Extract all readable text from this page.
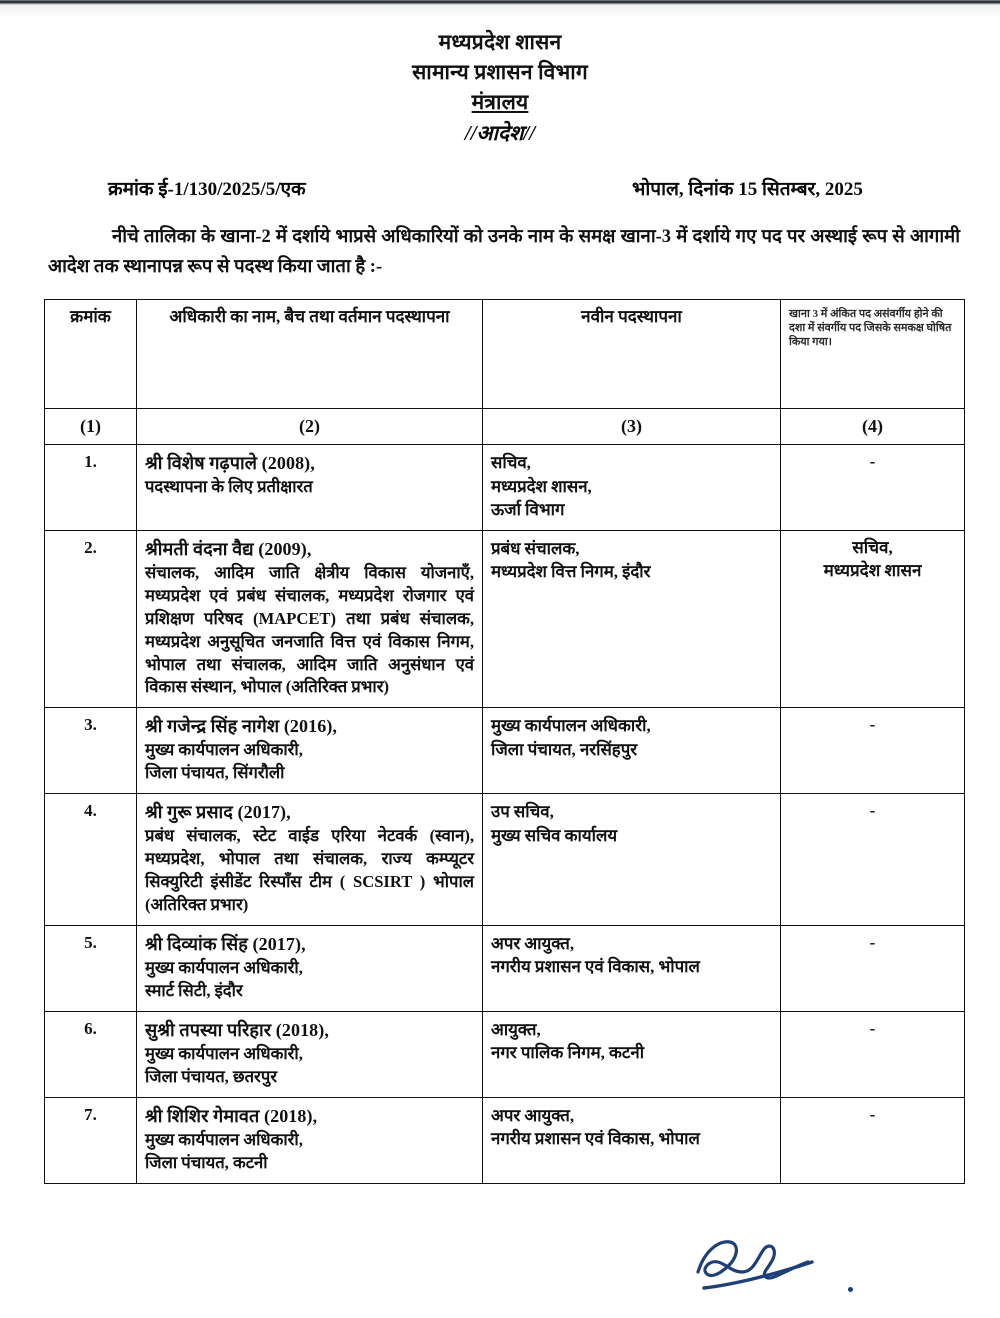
मध्यप्रदेश शासन
सामान्य प्रशासन विभाग
मंत्रालय
//आदेश//
क्रमांक ई-1/130/2025/5/एक	भोपाल, दिनांक 15 सितम्बर, 2025
नीचे तालिका के खाना-2 में दर्शाये भाप्रसे अधिकारियों को उनके नाम के समक्ष खाना-3 में दर्शाये गए पद पर अस्थाई रूप से आगामी आदेश तक स्थानापन्न रूप से पदस्थ किया जाता है :-
क्रमांक	अधिकारी का नाम, बैच तथा वर्तमान पदस्थापना	नवीन पदस्थापना	खाना 3 में अंकित पद असंवर्गीय होने की दशा में संवर्गीय पद जिसके समकक्ष घोषित किया गया।
(1)	(2)	(3)	(4)
1.	श्री विशेष गढ़पाले (2008),
पदस्थापना के लिए प्रतीक्षारत	सचिव,
मध्यप्रदेश शासन,
ऊर्जा विभाग	-
2.	श्रीमती वंदना वैद्य (2009),
संचालक, आदिम जाति क्षेत्रीय विकास योजनाएँ, मध्यप्रदेश एवं प्रबंध संचालक, मध्यप्रदेश रोजगार एवं प्रशिक्षण परिषद (MAPCET) तथा प्रबंध संचालक, मध्यप्रदेश अनुसूचित जनजाति वित्त एवं विकास निगम, भोपाल तथा संचालक, आदिम जाति अनुसंधान एवं विकास संस्थान, भोपाल (अतिरिक्त प्रभार)	प्रबंध संचालक,
मध्यप्रदेश वित्त निगम, इंदौर	सचिव,
मध्यप्रदेश शासन
3.	श्री गजेन्द्र सिंह नागेश (2016),
मुख्य कार्यपालन अधिकारी,
जिला पंचायत, सिंगरौली	मुख्य कार्यपालन अधिकारी,
जिला पंचायत, नरसिंहपुर	-
4.	श्री गुरू प्रसाद (2017),
प्रबंध संचालक, स्टेट वाईड एरिया नेटवर्क (स्वान), मध्यप्रदेश, भोपाल तथा संचालक, राज्य कम्प्यूटर सिक्युरिटी इंसीडेंट रिस्पाँस टीम ( SCSIRT ) भोपाल (अतिरिक्त प्रभार)	उप सचिव,
मुख्य सचिव कार्यालय	-
5.	श्री दिव्यांक सिंह (2017),
मुख्य कार्यपालन अधिकारी,
स्मार्ट सिटी, इंदौर	अपर आयुक्त,
नगरीय प्रशासन एवं विकास, भोपाल	-
6.	सुश्री तपस्या परिहार (2018),
मुख्य कार्यपालन अधिकारी,
जिला पंचायत, छतरपुर	आयुक्त,
नगर पालिक निगम, कटनी	-
7.	श्री शिशिर गेमावत (2018),
मुख्य कार्यपालन अधिकारी,
जिला पंचायत, कटनी	अपर आयुक्त,
नगरीय प्रशासन एवं विकास, भोपाल	-
